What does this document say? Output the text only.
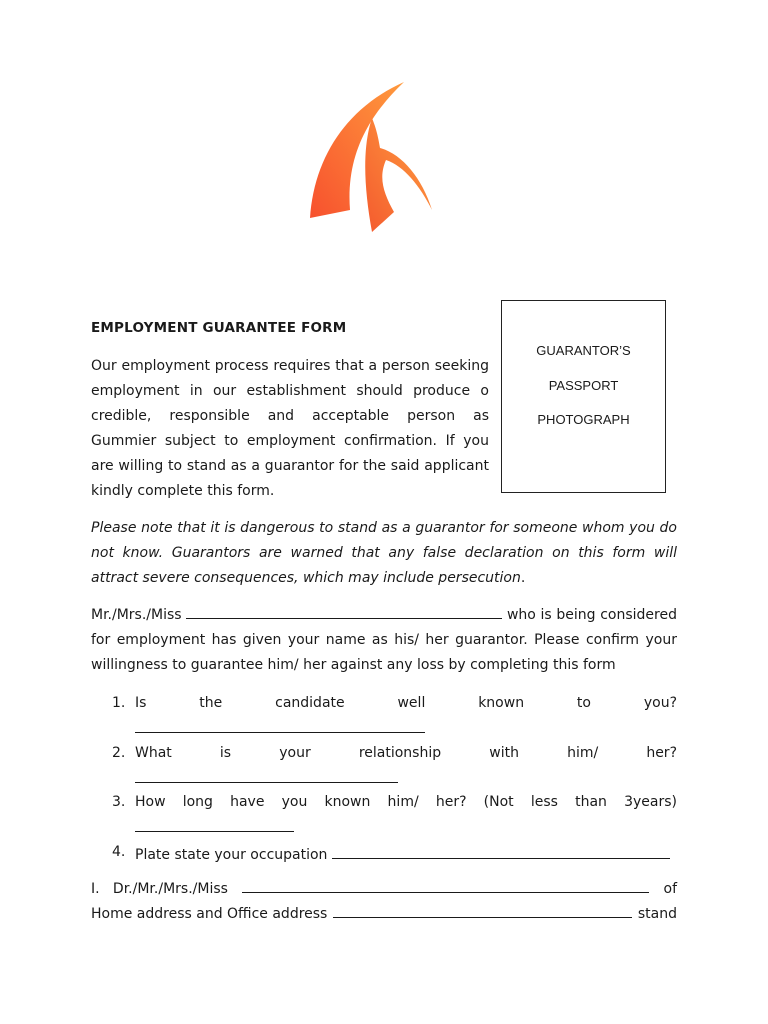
EMPLOYMENT GUARANTEE FORM

Our employment process requires that a person seeking employment in our establishment should produce o credible, responsible and acceptable person as Gummier subject to employment confirmation. If you are willing to stand as a guarantor for the said applicant kindly complete this form.

GUARANTOR’S
PASSPORT
PHOTOGRAPH

Please note that it is dangerous to stand as a guarantor for someone whom you do not know. Guarantors are warned that any false declaration on this form will attract severe consequences, which may include persecution.

Mr./Mrs./Miss	who is being considered for employment has given your name as his/ her guarantor. Please confirm your willingness to guarantee him/ her against any loss by completing this form

1. Is the candidate well known to you?
2. What is your relationship with him/ her?
3. How long have you known him/ her? (Not less than 3years)
4. Plate state your occupation
I.   Dr./Mr./Mrs./Miss	of
Home address and Office address	stand
